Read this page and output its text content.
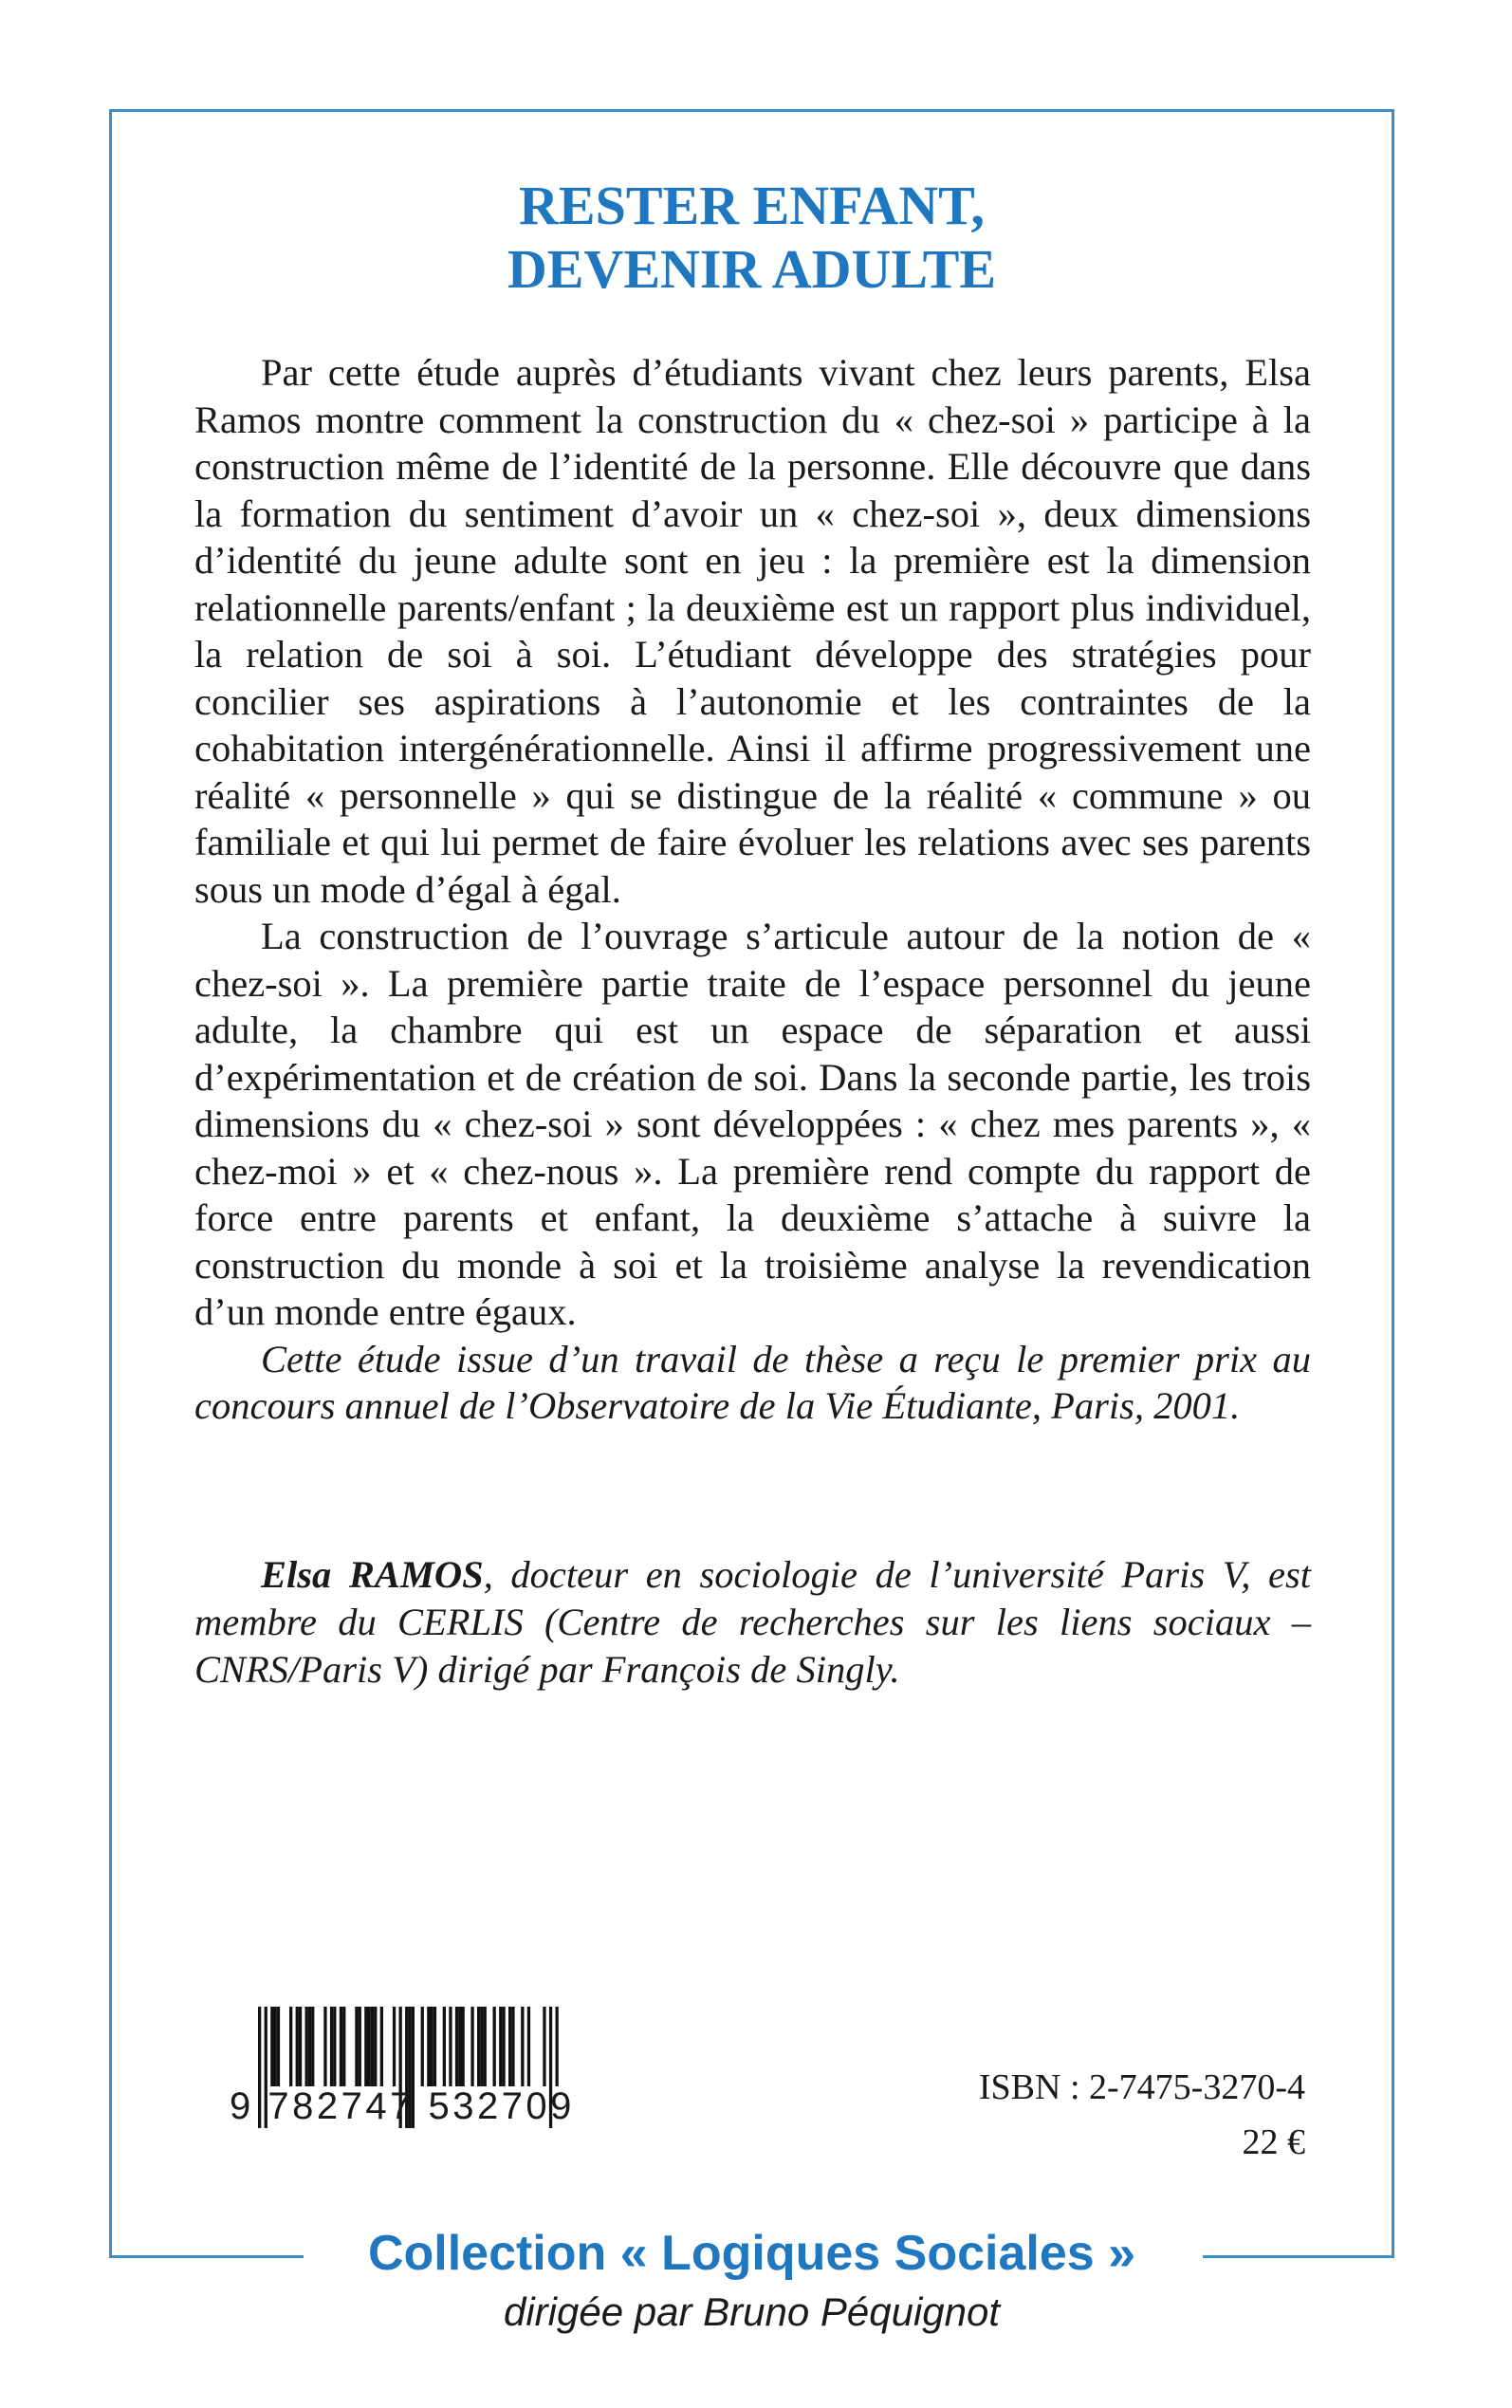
RESTER ENFANT,
DEVENIR ADULTE

Par cette étude auprès d’étudiants vivant chez leurs parents, Elsa Ramos montre comment la construction du « chez-soi » participe à la construction même de l’identité de la personne. Elle découvre que dans la formation du sentiment d’avoir un « chez-soi », deux dimensions d’identité du jeune adulte sont en jeu : la première est la dimension relationnelle parents/enfant ; la deuxième est un rapport plus individuel, la relation de soi à soi. L’étudiant développe des stratégies pour concilier ses aspirations à l’autonomie et les contraintes de la cohabitation intergénérationnelle. Ainsi il affirme progressivement une réalité « personnelle » qui se distingue de la réalité « commune » ou familiale et qui lui permet de faire évoluer les relations avec ses parents sous un mode d’égal à égal.

La construction de l’ouvrage s’articule autour de la notion de « chez-soi ». La première partie traite de l’espace personnel du jeune adulte, la chambre qui est un espace de séparation et aussi d’expérimentation et de création de soi. Dans la seconde partie, les trois dimensions du « chez-soi » sont développées : « chez mes parents », « chez-moi » et « chez-nous ». La première rend compte du rapport de force entre parents et enfant, la deuxième s’attache à suivre la construction du monde à soi et la troisième analyse la revendication d’un monde entre égaux.

Cette étude issue d’un travail de thèse a reçu le premier prix au concours annuel de l’Observatoire de la Vie Étudiante, Paris, 2001.

Elsa RAMOS, docteur en sociologie de l’université Paris V, est membre du CERLIS (Centre de recherches sur les liens sociaux – CNRS/Paris V) dirigé par François de Singly.

9 782747 532709	ISBN : 2-7475-3270-4
22 €
Collection « Logiques Sociales »
dirigée par Bruno Péquignot
